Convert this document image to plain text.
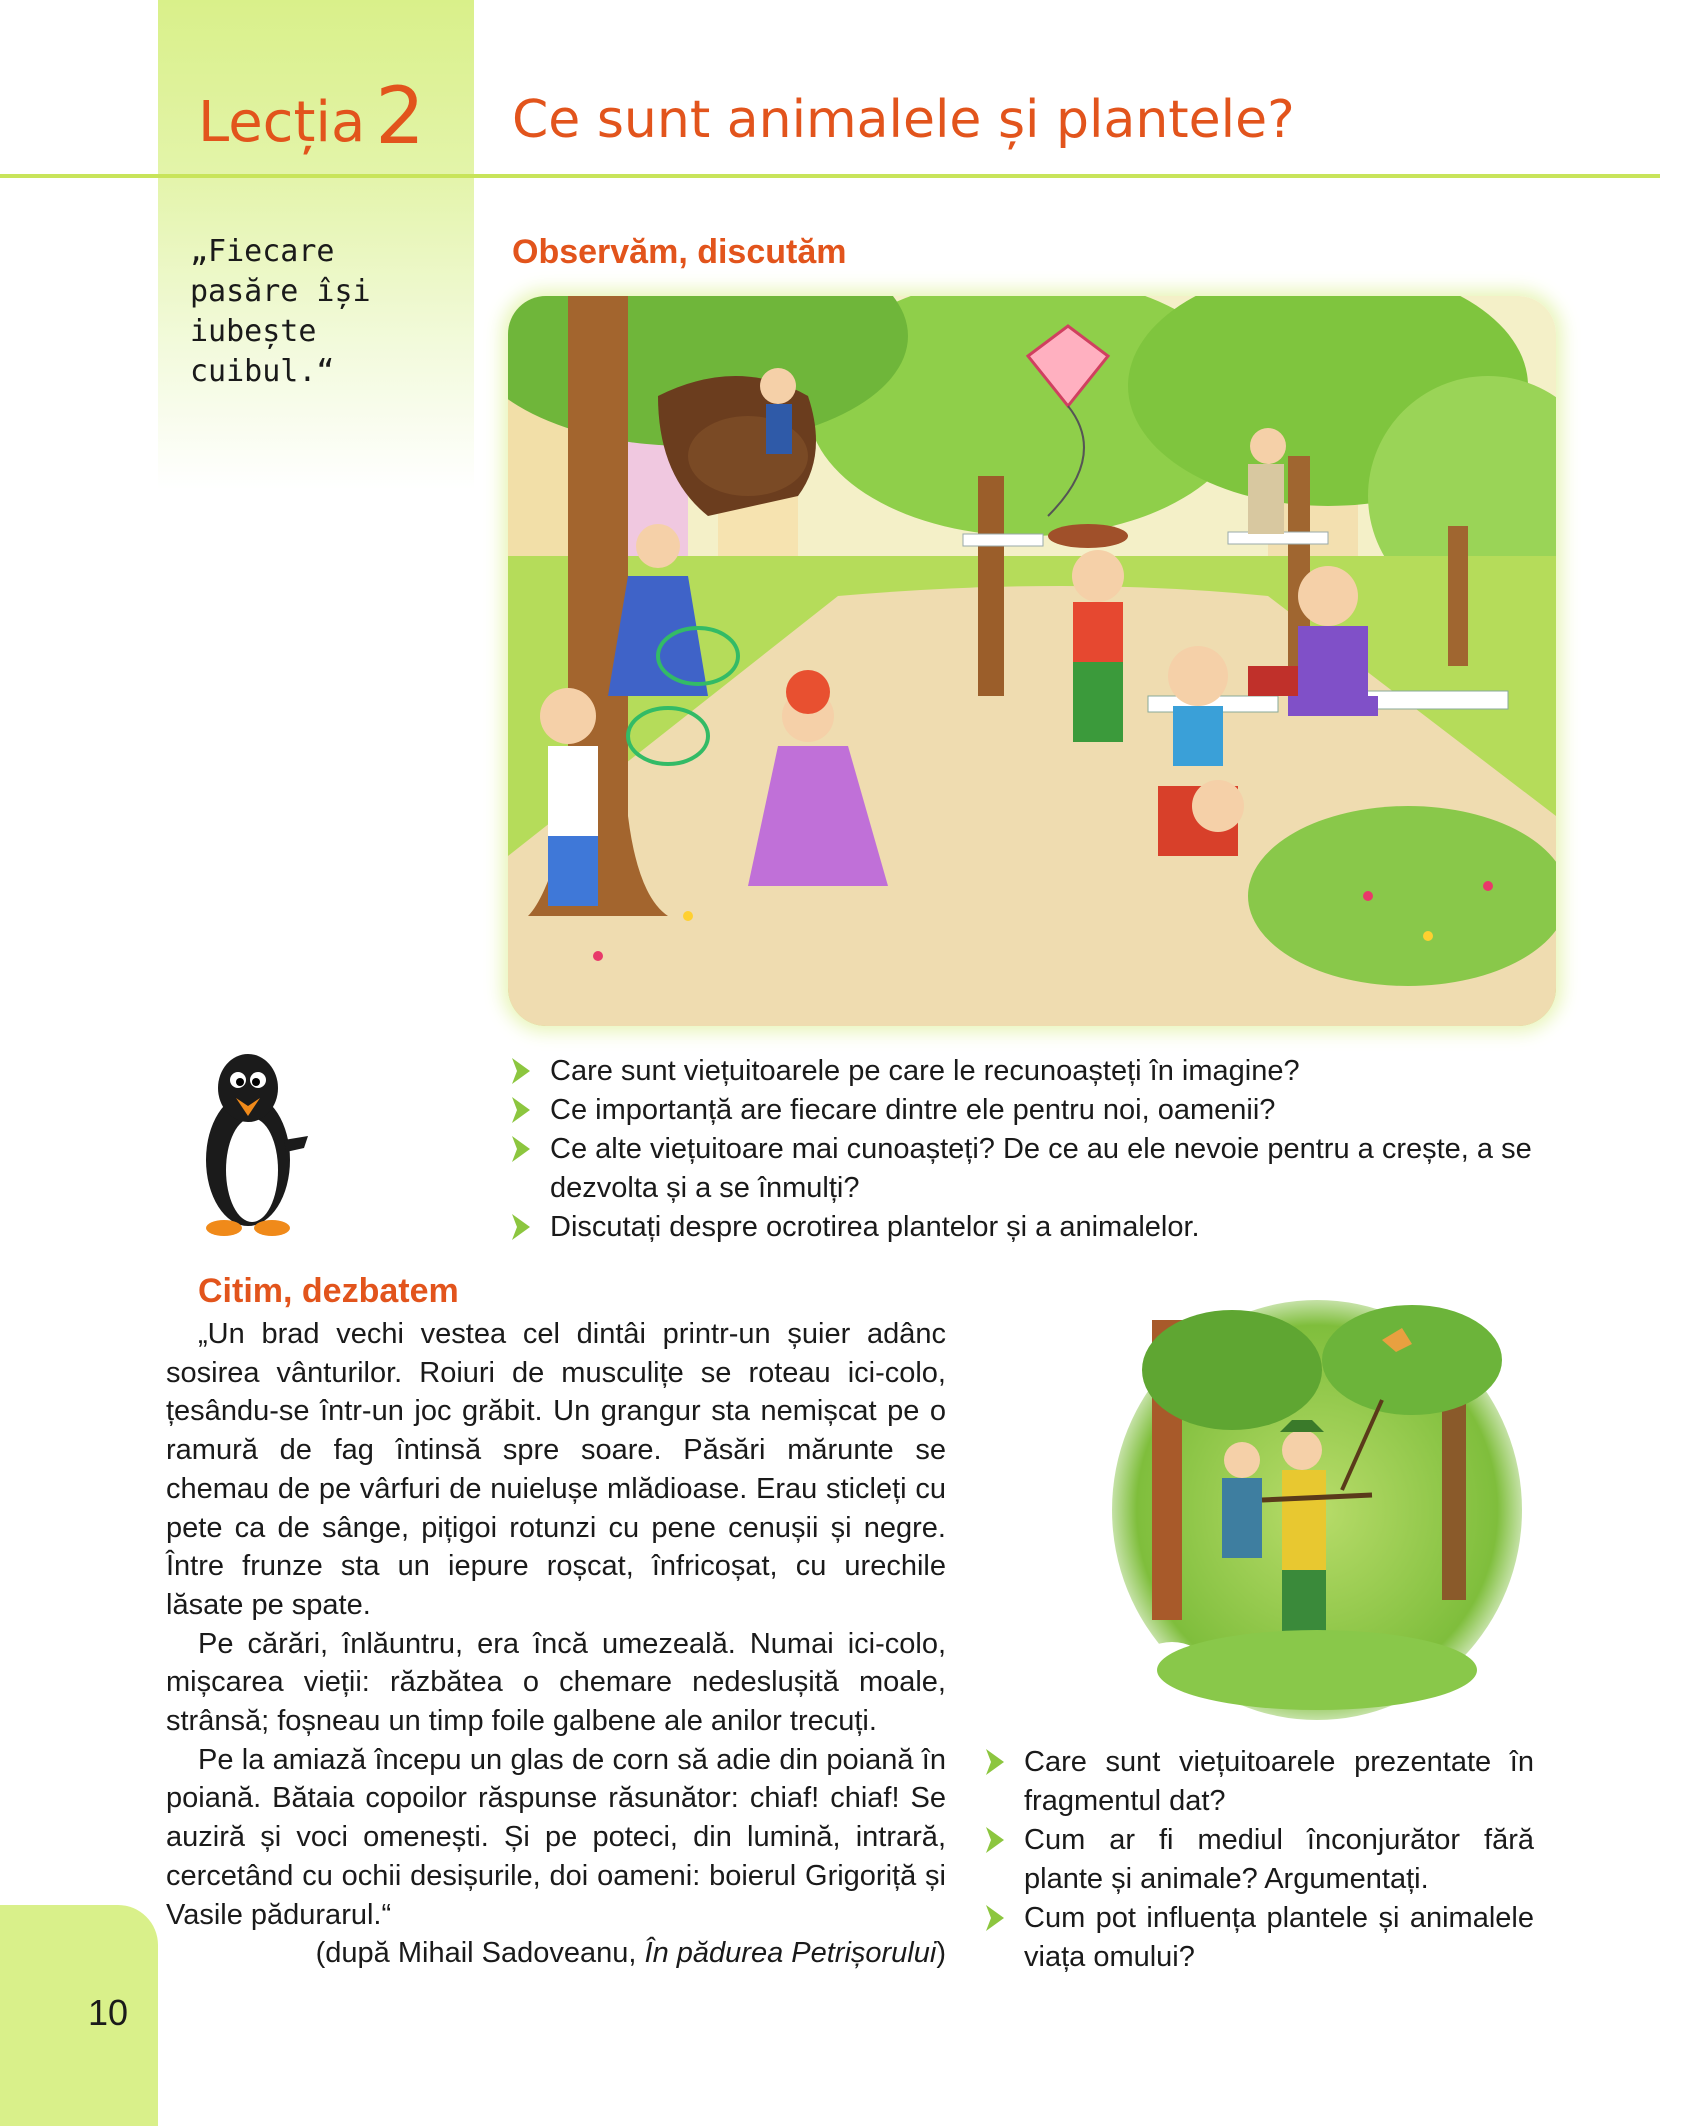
Lecția 2 Ce sunt animalele și plantele?
„Fiecare pasăre își iubește cuibul.“
Observăm, discutăm
Care sunt viețuitoarele pe care le recunoașteți în imagine?
Ce importanță are fiecare dintre ele pentru noi, oamenii?
Ce alte viețuitoare mai cunoașteți? De ce au ele nevoie pentru a crește, a se dezvolta și a se înmulți?
Discutați despre ocrotirea plantelor și a animalelor.
Citim, dezbatem

„Un brad vechi vestea cel dintâi printr-un șuier adânc sosirea vânturilor. Roiuri de musculițe se roteau ici-colo, țesându-se într-un joc grăbit. Un grangur sta nemișcat pe o ramură de fag întinsă spre soare. Păsări mărunte se chemau de pe vârfuri de nuielușe mlădioase. Erau sticleți cu pete ca de sânge, pițigoi rotunzi cu pene cenușii și negre. Între frunze sta un iepure roșcat, înfricoșat, cu urechile lăsate pe spate.

Pe cărări, înlăuntru, era încă umezeală. Numai ici-colo, mișcarea vieții: răzbătea o chemare nedeslușită moale, strânsă; foșneau un timp foile galbene ale anilor trecuți.

Pe la amiază începu un glas de corn să adie din poiană în poiană. Bătaia copoilor răspunse răsunător: chiaf! chiaf! Se auziră și voci omenești. Și pe poteci, din lumină, intrară, cercetând cu ochii desișurile, doi oameni: boierul Grigoriță și Vasile pădurarul.“

(după Mihail Sadoveanu, În pădurea Petrișorului)
Care sunt viețuitoarele prezentate în fragmentul dat?
Cum ar fi mediul înconjurător fără plante și animale? Argumentați.
Cum pot influența plantele și animalele viața omului?
10
